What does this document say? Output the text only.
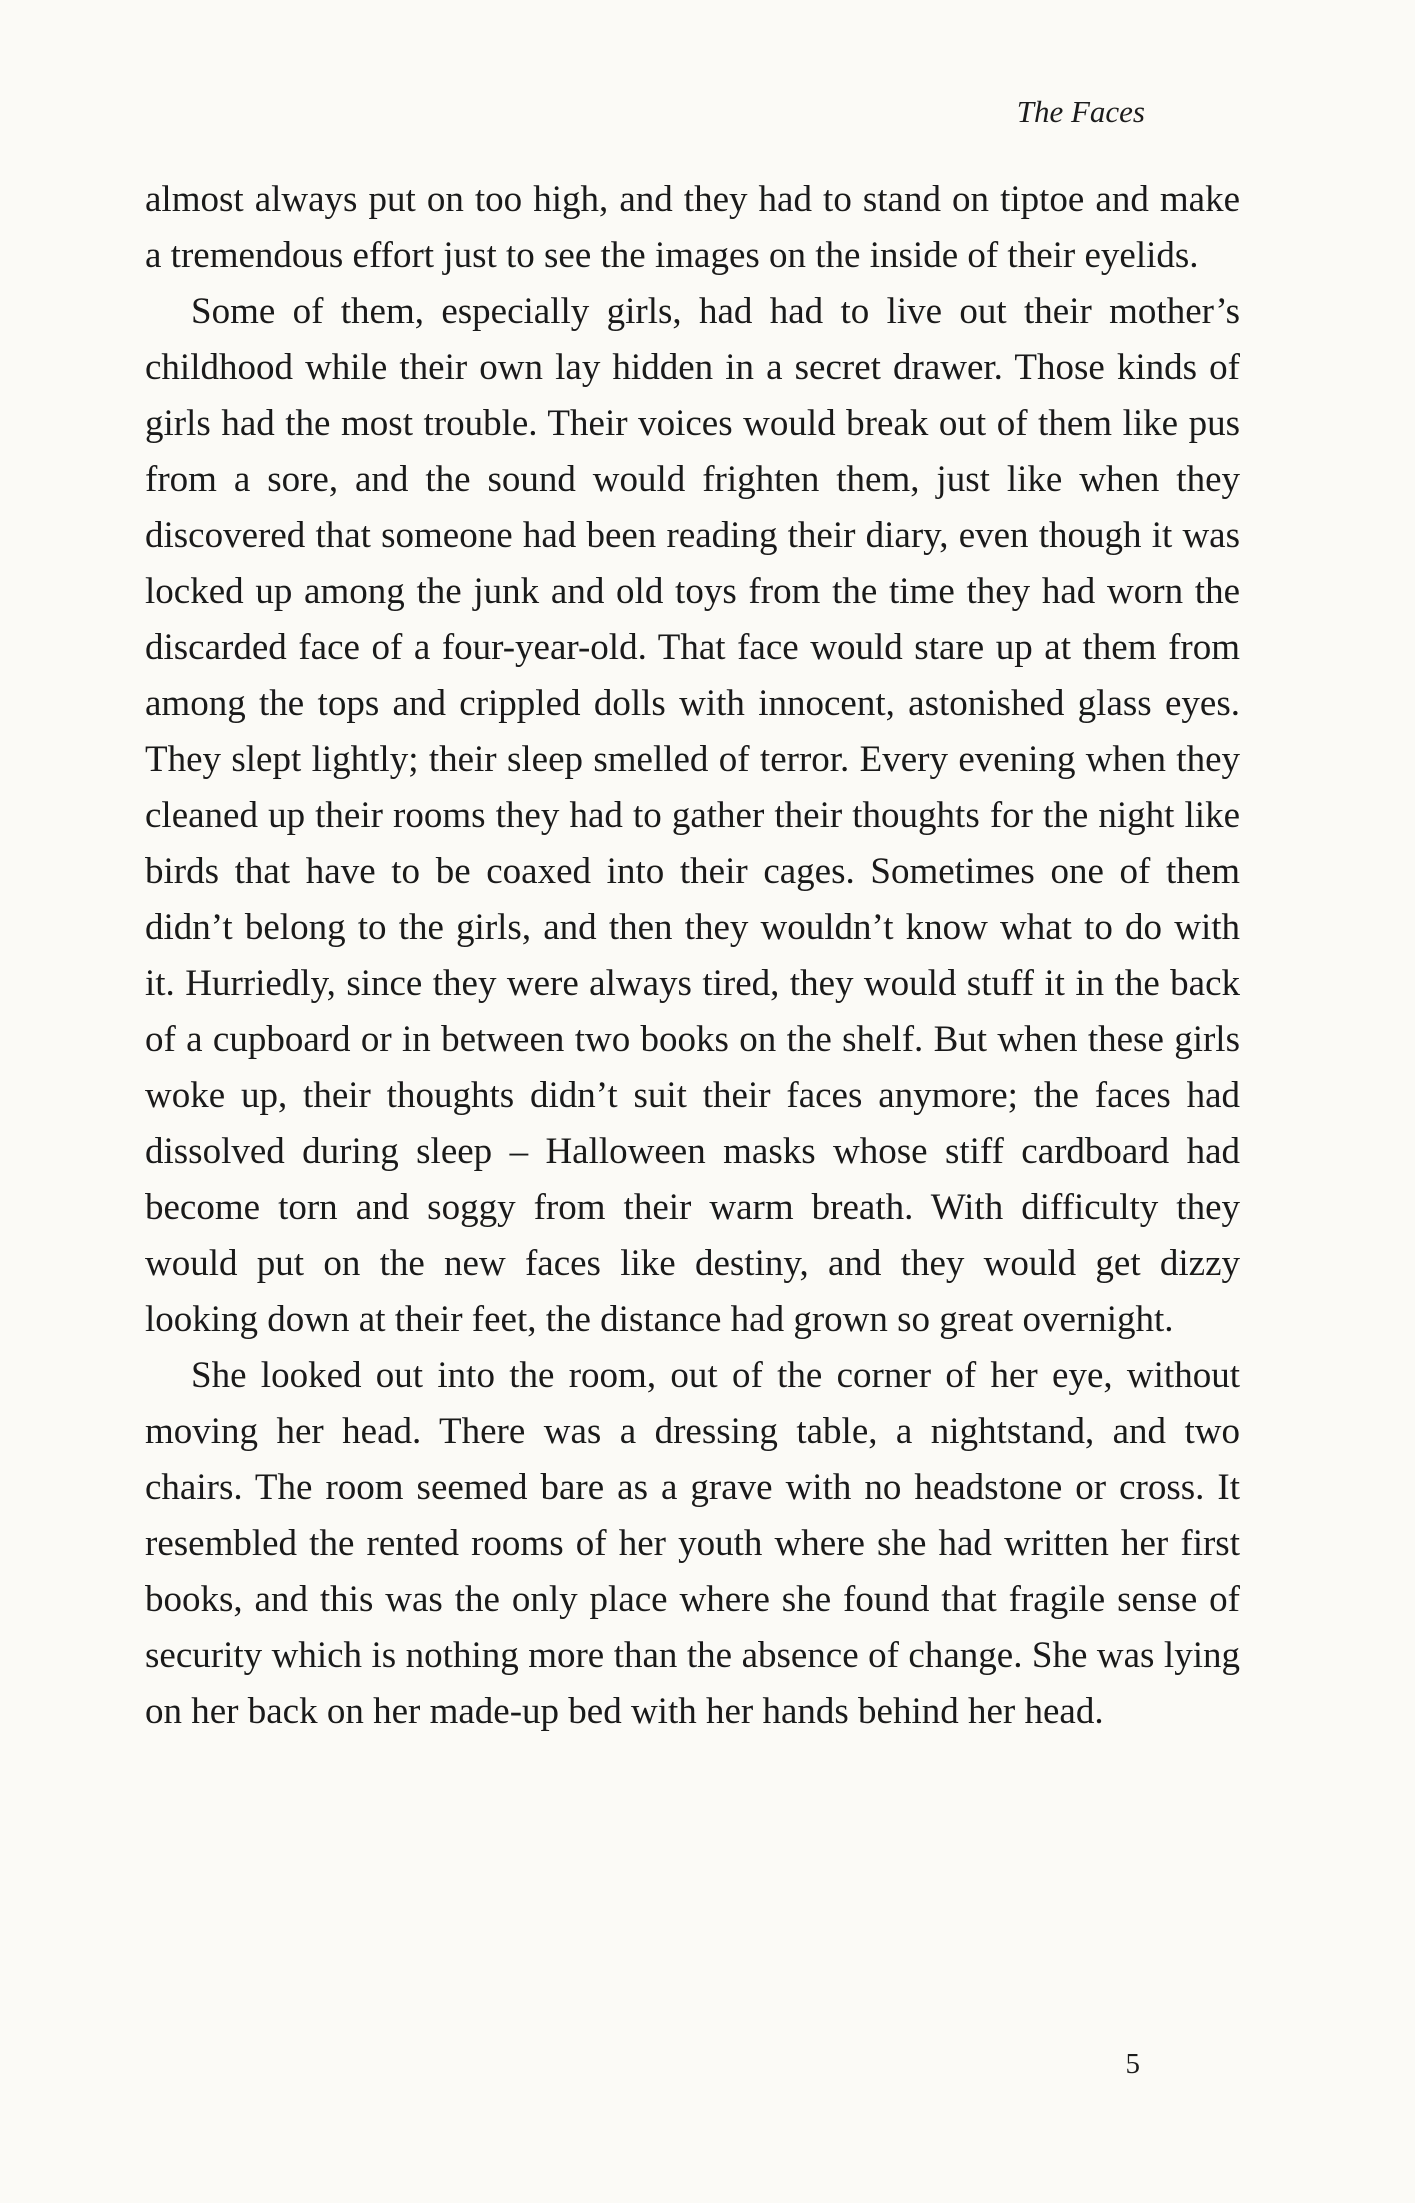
The Faces

almost always put on too high, and they had to stand on tiptoe and make a tremendous effort just to see the images on the inside of their eyelids.

Some of them, especially girls, had had to live out their mother’s childhood while their own lay hidden in a secret drawer. Those kinds of girls had the most trouble. Their voices would break out of them like pus from a sore, and the sound would frighten them, just like when they discovered that someone had been reading their diary, even though it was locked up among the junk and old toys from the time they had worn the discarded face of a four-year-old. That face would stare up at them from among the tops and crippled dolls with innocent, astonished glass eyes. They slept lightly; their sleep smelled of terror. Every evening when they cleaned up their rooms they had to gather their thoughts for the night like birds that have to be coaxed into their cages. Sometimes one of them didn’t belong to the girls, and then they wouldn’t know what to do with it. Hurriedly, since they were always tired, they would stuff it in the back of a cupboard or in between two books on the shelf. But when these girls woke up, their thoughts didn’t suit their faces anymore; the faces had dissolved during sleep – Halloween masks whose stiff cardboard had become torn and soggy from their warm breath. With difficulty they would put on the new faces like destiny, and they would get dizzy looking down at their feet, the distance had grown so great overnight.

She looked out into the room, out of the corner of her eye, without moving her head. There was a dressing table, a nightstand, and two chairs. The room seemed bare as a grave with no headstone or cross. It resembled the rented rooms of her youth where she had written her first books, and this was the only place where she found that fragile sense of security which is nothing more than the absence of change. She was lying on her back on her made-up bed with her hands behind her head.

5
